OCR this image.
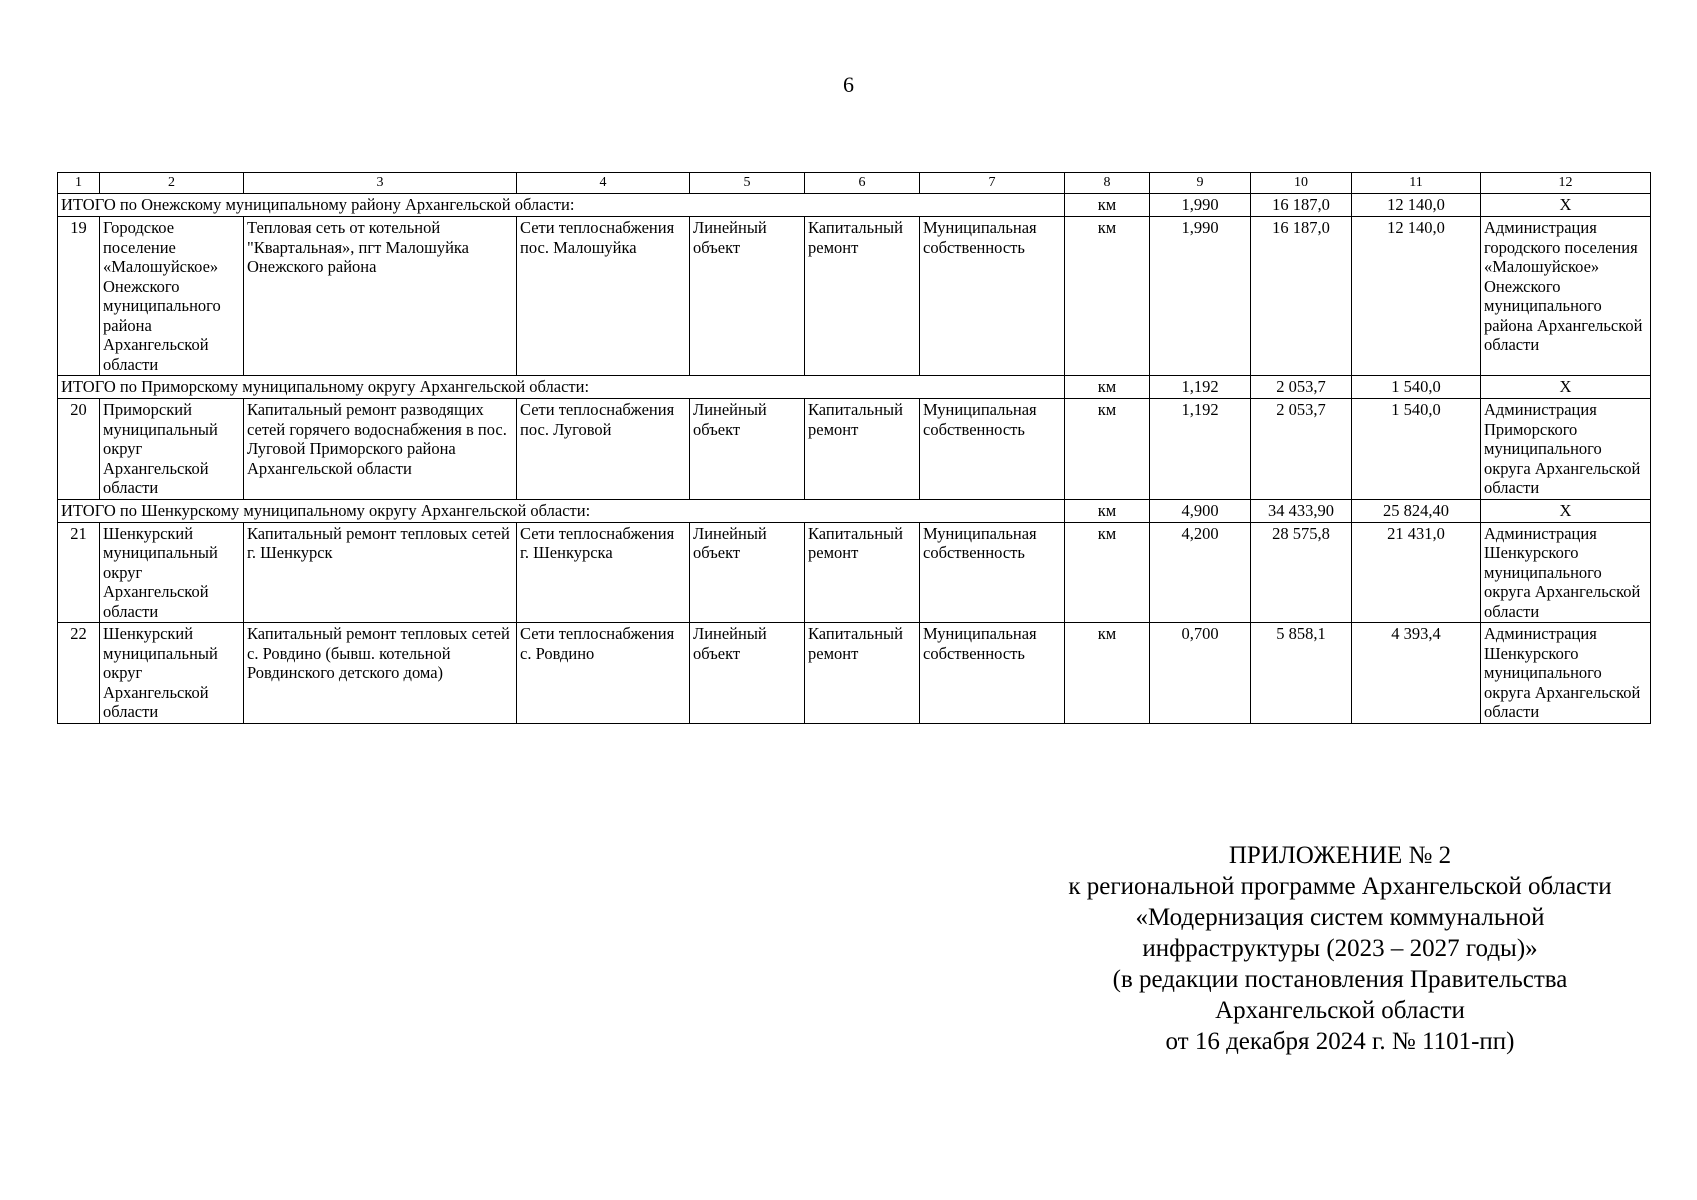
6
1	2	3	4	5	6	7	8	9	10	11	12
ИТОГО по Онежскому муниципальному району Архангельской области:							км	1,990	16 187,0	12 140,0	Х
19	Городское поселение «Малошуйское» Онежского муниципального района Архангельской области	Тепловая сеть от котельной "Квартальная», пгт Малошуйка Онежского района	Сети теплоснабжения пос. Малошуйка	Линейный объект	Капитальный ремонт	Муниципальная собственность	км	1,990	16 187,0	12 140,0	Администрация городского поселения «Малошуйское» Онежского муниципального района Архангельской области
ИТОГО по Приморскому муниципальному округу Архангельской области:							км	1,192	2 053,7	1 540,0	Х
20	Приморский муниципальный округ Архангельской области	Капитальный ремонт разводящих сетей горячего водоснабжения в пос. Луговой Приморского района Архангельской области	Сети теплоснабжения пос. Луговой	Линейный объект	Капитальный ремонт	Муниципальная собственность	км	1,192	2 053,7	1 540,0	Администрация Приморского муниципального округа Архангельской области
ИТОГО по Шенкурскому муниципальному округу Архангельской области:							км	4,900	34 433,90	25 824,40	Х
21	Шенкурский муниципальный округ Архангельской области	Капитальный ремонт тепловых сетей г. Шенкурск	Сети теплоснабжения г. Шенкурска	Линейный объект	Капитальный ремонт	Муниципальная собственность	км	4,200	28 575,8	21 431,0	Администрация Шенкурского муниципального округа Архангельской области
22	Шенкурский муниципальный округ Архангельской области	Капитальный ремонт тепловых сетей с. Ровдино (бывш. котельной Ровдинского детского дома)	Сети теплоснабжения с. Ровдино	Линейный объект	Капитальный ремонт	Муниципальная собственность	км	0,700	5 858,1	4 393,4	Администрация Шенкурского муниципального округа Архангельской области
ПРИЛОЖЕНИЕ № 2
к региональной программе Архангельской области
«Модернизация систем коммунальной
инфраструктуры (2023 – 2027 годы)»
(в редакции постановления Правительства
Архангельской области
от 16 декабря 2024 г. № 1101-пп)
